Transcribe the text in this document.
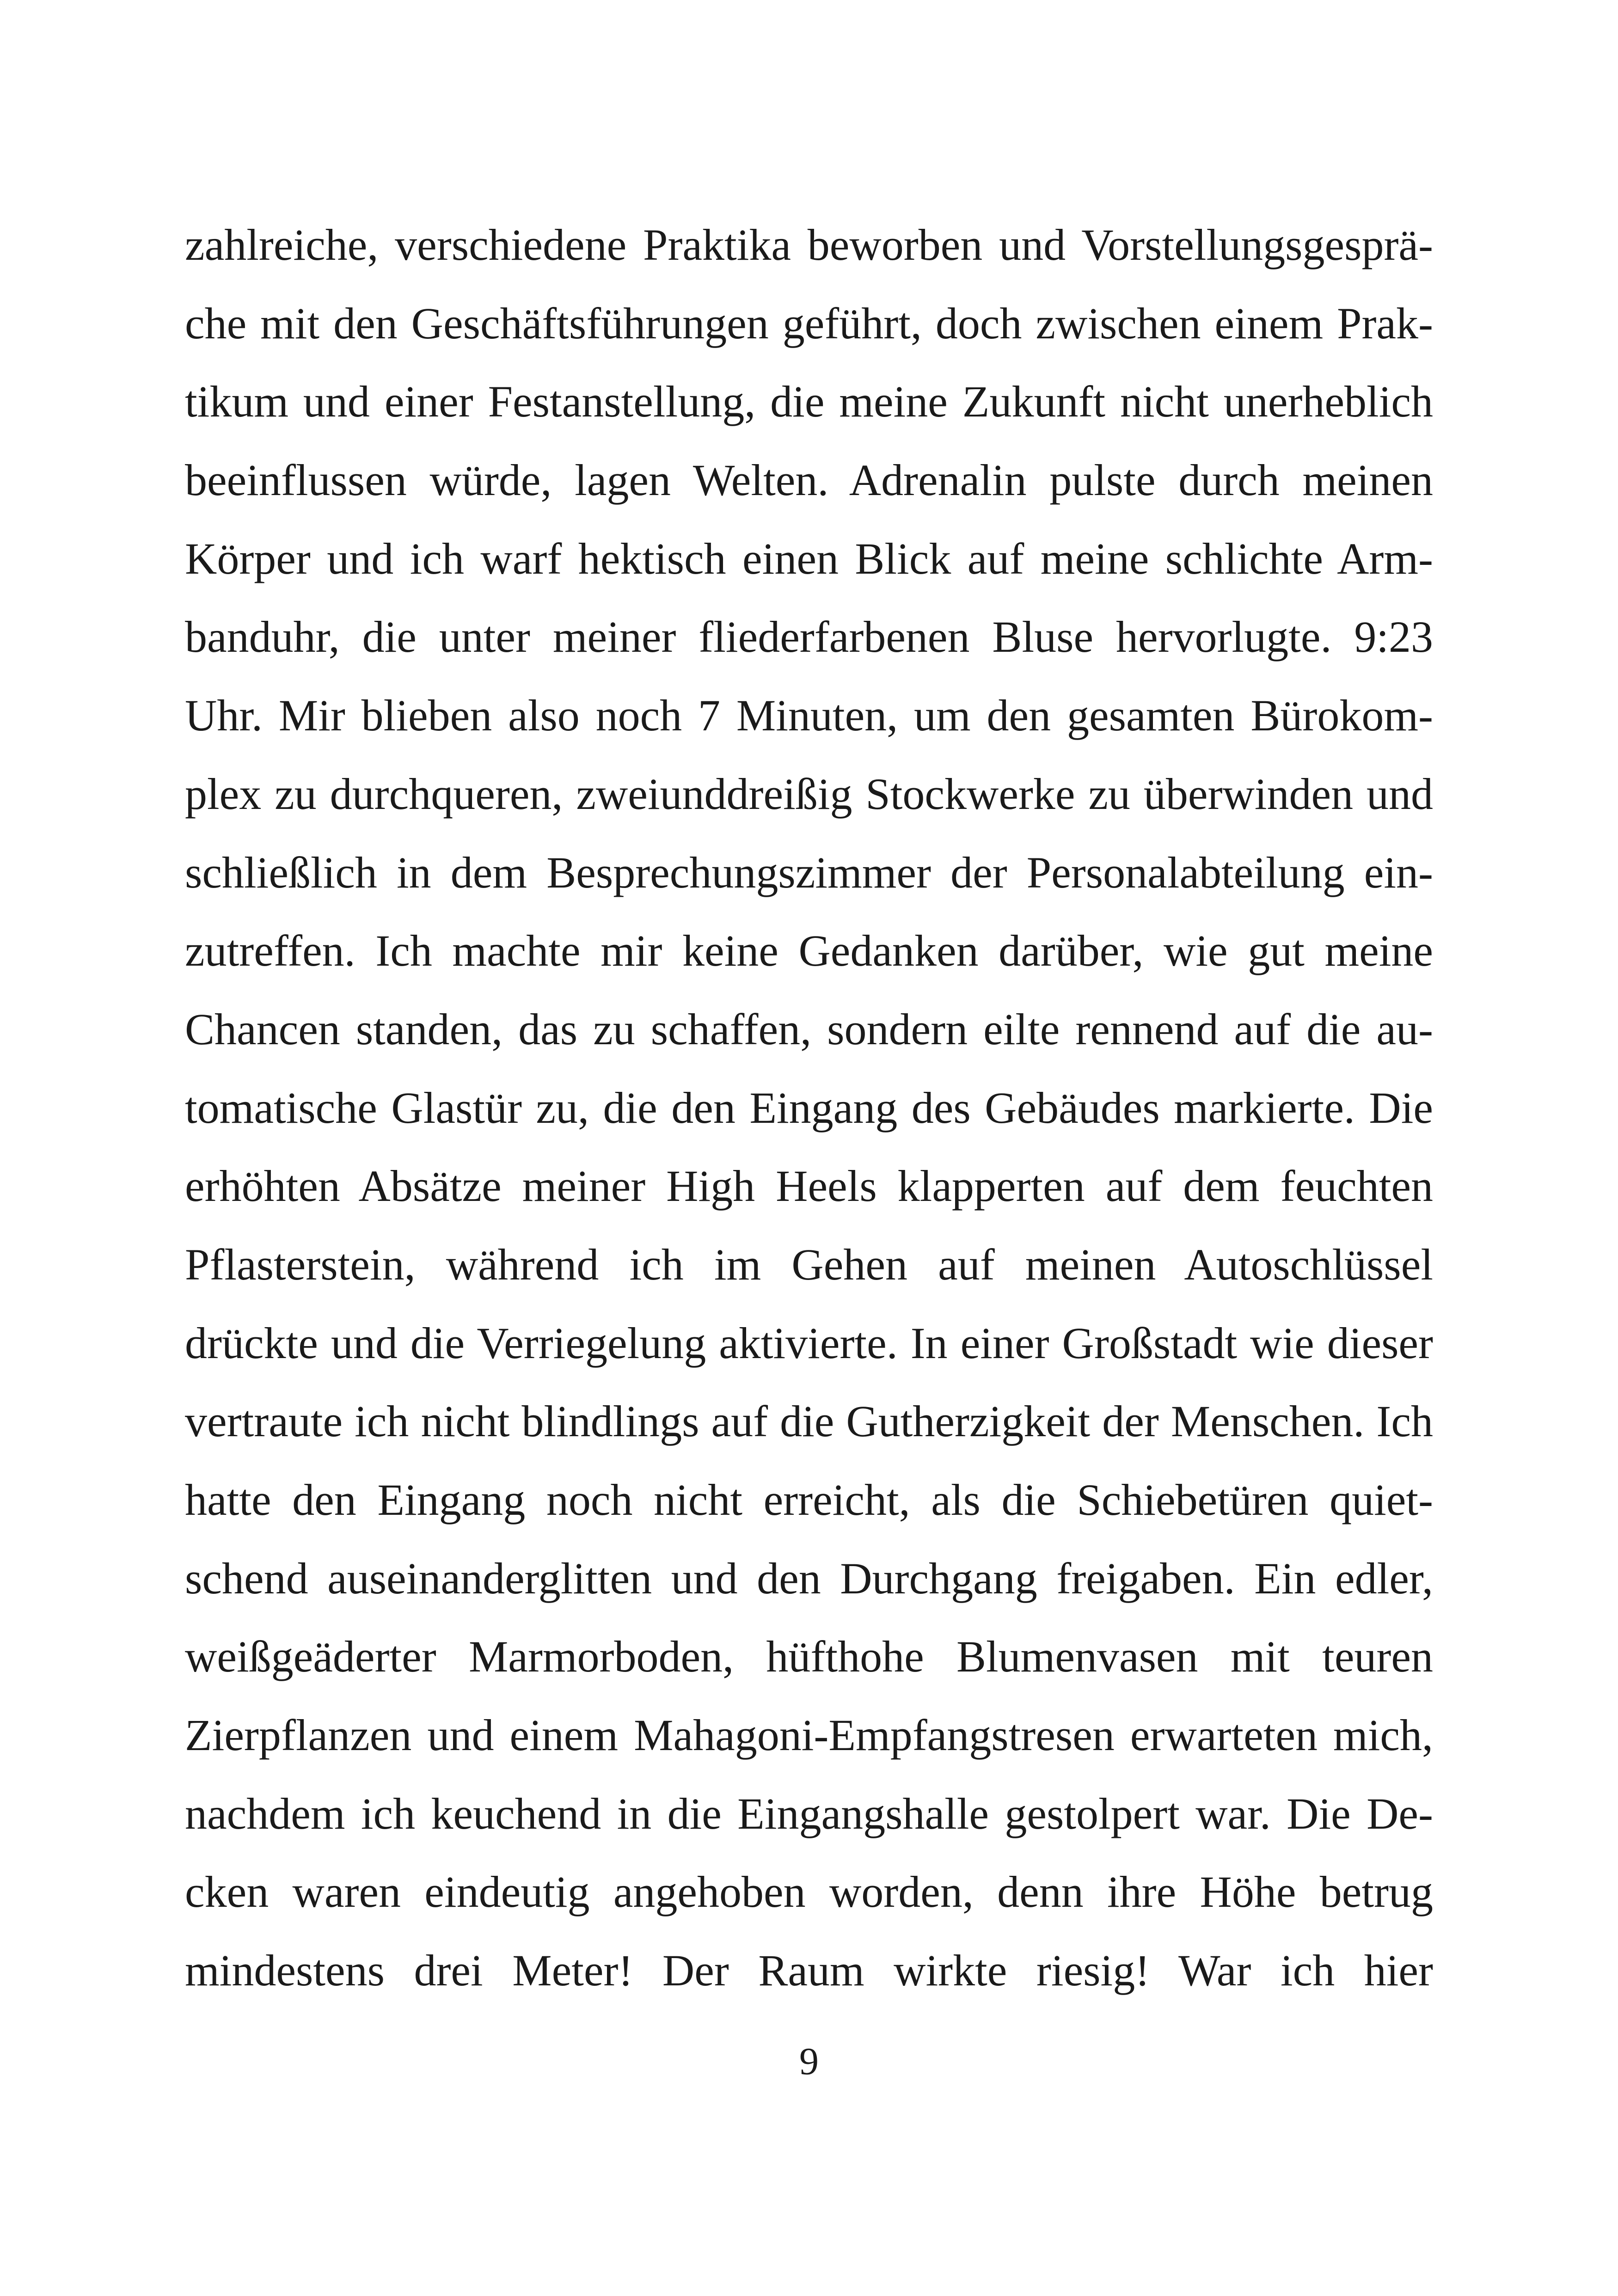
zahlreiche, verschiedene Praktika beworben und Vorstellungsgesprä-
che mit den Geschäftsführungen geführt, doch zwischen einem Prak-
tikum und einer Festanstellung, die meine Zukunft nicht unerheblich
beeinflussen würde, lagen Welten. Adrenalin pulste durch meinen
Körper und ich warf hektisch einen Blick auf meine schlichte Arm-
banduhr, die unter meiner fliederfarbenen Bluse hervorlugte. 9:23
Uhr. Mir blieben also noch 7 Minuten, um den gesamten Bürokom-
plex zu durchqueren, zweiunddreißig Stockwerke zu überwinden und
schließlich in dem Besprechungszimmer der Personalabteilung ein-
zutreffen. Ich machte mir keine Gedanken darüber, wie gut meine
Chancen standen, das zu schaffen, sondern eilte rennend auf die au-
tomatische Glastür zu, die den Eingang des Gebäudes markierte. Die
erhöhten Absätze meiner High Heels klapperten auf dem feuchten
Pflasterstein, während ich im Gehen auf meinen Autoschlüssel
drückte und die Verriegelung aktivierte. In einer Großstadt wie dieser
vertraute ich nicht blindlings auf die Gutherzigkeit der Menschen. Ich
hatte den Eingang noch nicht erreicht, als die Schiebetüren quiet-
schend auseinanderglitten und den Durchgang freigaben. Ein edler,
weißgeäderter Marmorboden, hüfthohe Blumenvasen mit teuren
Zierpflanzen und einem Mahagoni-Empfangstresen erwarteten mich,
nachdem ich keuchend in die Eingangshalle gestolpert war. Die De-
cken waren eindeutig angehoben worden, denn ihre Höhe betrug
mindestens drei Meter! Der Raum wirkte riesig! War ich hier
9
